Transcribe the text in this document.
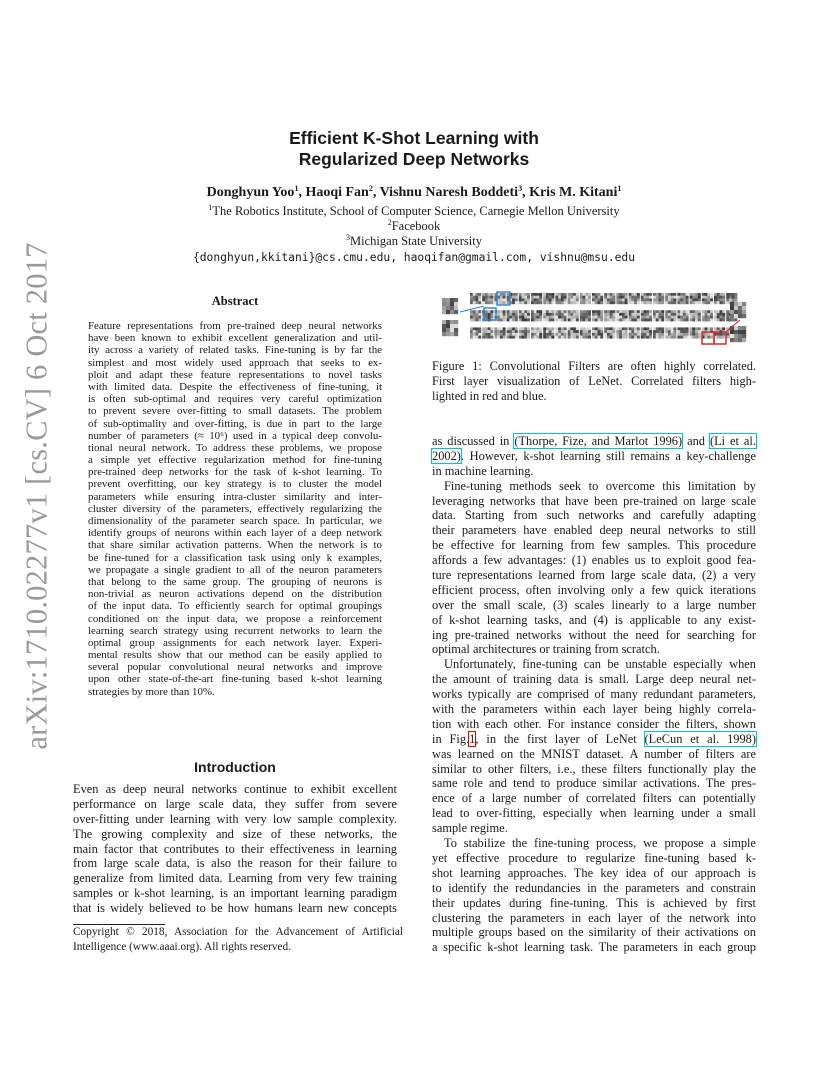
arXiv:1710.02277v1 [cs.CV] 6 Oct 2017
Efficient K-Shot Learning with
Regularized Deep Networks
Donghyun Yoo$^1$, Haoqi Fan$^2$, Vishnu Naresh Boddeti$^3$, Kris M. Kitani$^1$
$^1$The Robotics Institute, School of Computer Science, Carnegie Mellon University
$^2$Facebook
$^3$Michigan State University
{donghyun,kkitani}@cs.cmu.edu, haoqifan@gmail.com, vishnu@msu.edu
Abstract
Feature representations from pre-trained deep neural networks
have been known to exhibit excellent generalization and util-
ity across a variety of related tasks. Fine-tuning is by far the
simplest and most widely used approach that seeks to ex-
ploit and adapt these feature representations to novel tasks
with limited data. Despite the effectiveness of fine-tuning, it
is often sub-optimal and requires very careful optimization
to prevent severe over-fitting to small datasets. The problem
of sub-optimality and over-fitting, is due in part to the large
number of parameters (≈ 10⁶) used in a typical deep convolu-
tional neural network. To address these problems, we propose
a simple yet effective regularization method for fine-tuning
pre-trained deep networks for the task of k-shot learning. To
prevent overfitting, our key strategy is to cluster the model
parameters while ensuring intra-cluster similarity and inter-
cluster diversity of the parameters, effectively regularizing the
dimensionality of the parameter search space. In particular, we
identify groups of neurons within each layer of a deep network
that share similar activation patterns. When the network is to
be fine-tuned for a classification task using only k examples,
we propagate a single gradient to all of the neuron parameters
that belong to the same group. The grouping of neurons is
non-trivial as neuron activations depend on the distribution
of the input data. To efficiently search for optimal groupings
conditioned on the input data, we propose a reinforcement
learning search strategy using recurrent networks to learn the
optimal group assignments for each network layer. Experi-
mental results show that our method can be easily applied to
several popular convolutional neural networks and improve
upon other state-of-the-art fine-tuning based k-shot learning
strategies by more than 10%.
Introduction
Even as deep neural networks continue to exhibit excellent
performance on large scale data, they suffer from severe
over-fitting under learning with very low sample complexity.
The growing complexity and size of these networks, the
main factor that contributes to their effectiveness in learning
from large scale data, is also the reason for their failure to
generalize from limited data. Learning from very few training
samples or k-shot learning, is an important learning paradigm
that is widely believed to be how humans learn new concepts
Copyright © 2018, Association for the Advancement of Artificial
Intelligence (www.aaai.org). All rights reserved.
Figure 1: Convolutional Filters are often highly correlated.
First layer visualization of LeNet. Correlated filters high-
lighted in red and blue.
as discussed in (Thorpe, Fize, and Marlot 1996) and (Li et al.
2002). However, k-shot learning still remains a key-challenge
in machine learning.
Fine-tuning methods seek to overcome this limitation by
leveraging networks that have been pre-trained on large scale
data. Starting from such networks and carefully adapting
their parameters have enabled deep neural networks to still
be effective for learning from few samples. This procedure
affords a few advantages: (1) enables us to exploit good fea-
ture representations learned from large scale data, (2) a very
efficient process, often involving only a few quick iterations
over the small scale, (3) scales linearly to a large number
of k-shot learning tasks, and (4) is applicable to any exist-
ing pre-trained networks without the need for searching for
optimal architectures or training from scratch.
Unfortunately, fine-tuning can be unstable especially when
the amount of training data is small. Large deep neural net-
works typically are comprised of many redundant parameters,
with the parameters within each layer being highly correla-
tion with each other. For instance consider the filters, shown
in Fig.1, in the first layer of LeNet (LeCun et al. 1998)
was learned on the MNIST dataset. A number of filters are
similar to other filters, i.e., these filters functionally play the
same role and tend to produce similar activations. The pres-
ence of a large number of correlated filters can potentially
lead to over-fitting, especially when learning under a small
sample regime.
To stabilize the fine-tuning process, we propose a simple
yet effective procedure to regularize fine-tuning based k-
shot learning approaches. The key idea of our approach is
to identify the redundancies in the parameters and constrain
their updates during fine-tuning. This is achieved by first
clustering the parameters in each layer of the network into
multiple groups based on the similarity of their activations on
a specific k-shot learning task. The parameters in each group
